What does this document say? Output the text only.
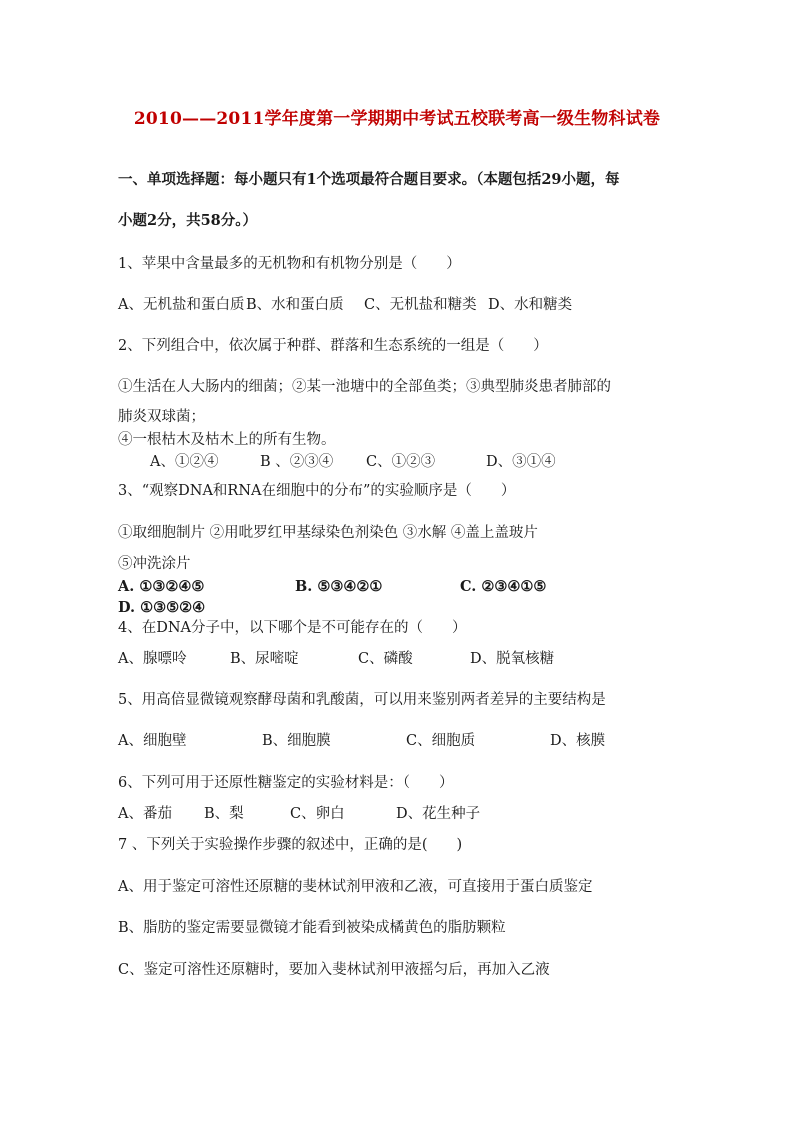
2010——2011学年度第一学期期中考试五校联考高一级生物科试卷
一、单项选择题：每小题只有1个选项最符合题目要求。（本题包括29小题，每
小题2分，共58分。）
1、苹果中含量最多的无机物和有机物分别是（　　）
A、无机盐和蛋白质 B、水和蛋白质 C、无机盐和糖类 D、水和糖类
2、下列组合中，依次属于种群、群落和生态系统的一组是（　　）
①生活在人大肠内的细菌；②某一池塘中的全部鱼类；③典型肺炎患者肺部的
肺炎双球菌；
④一根枯木及枯木上的所有生物。
A、①②④	B 、②③④ C、①②③	D、③①④
3、“观察DNA和RNA在细胞中的分布”的实验顺序是（　　）
①取细胞制片 ②用吡罗红甲基绿染色剂染色 ③水解 ④盖上盖玻片
⑤冲洗涂片
A. ①③②④⑤	B. ⑤③④②①	C. ②③④①⑤
D. ①③⑤②④
4、在DNA分子中，以下哪个是不可能存在的（　　）
A、腺嘌呤	B、尿嘧啶	C、磷酸	D、脱氧核糖
5、用高倍显微镜观察酵母菌和乳酸菌，可以用来鉴别两者差异的主要结构是
A、细胞壁	B、细胞膜	C、细胞质	D、核膜
6、下列可用于还原性糖鉴定的实验材料是：（　　）
A、番茄 B、梨	C、卵白	D、花生种子
7 、下列关于实验操作步骤的叙述中，正确的是(　　)
A、用于鉴定可溶性还原糖的斐林试剂甲液和乙液，可直接用于蛋白质鉴定
B、脂肪的鉴定需要显微镜才能看到被染成橘黄色的脂肪颗粒
C、鉴定可溶性还原糖时，要加入斐林试剂甲液摇匀后，再加入乙液
